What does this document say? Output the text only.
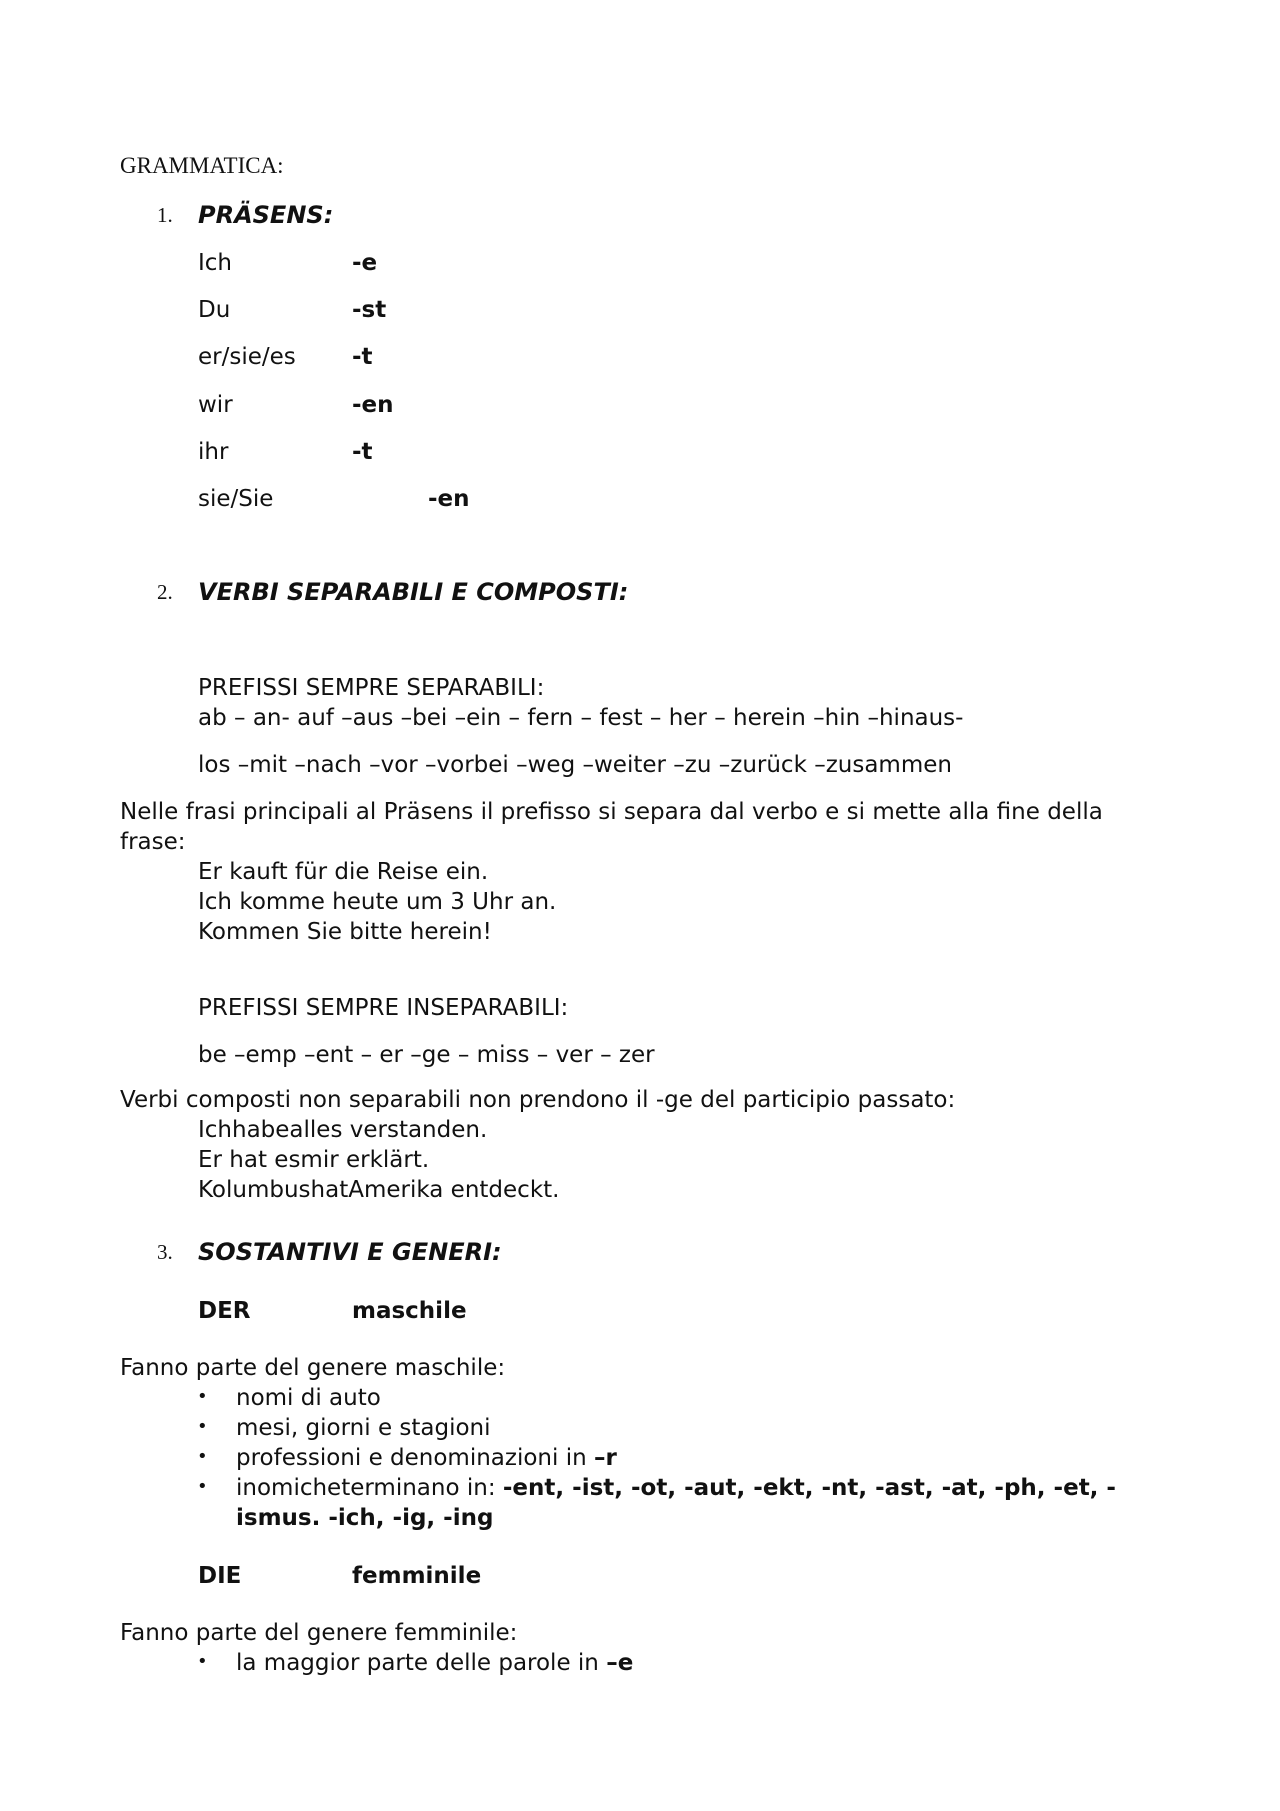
GRAMMATICA:
1. PRÄSENS:
Ich	-e
Du	-st
er/sie/es -t
wir	-en
ihr	-t
sie/Sie	-en
2. VERBI SEPARABILI E COMPOSTI:
PREFISSI SEMPRE SEPARABILI:
ab – an- auf –aus –bei –ein – fern – fest – her – herein –hin –hinaus-
los –mit –nach –vor –vorbei –weg –weiter –zu –zurück –zusammen
Nelle frasi principali al Präsens il prefisso si separa dal verbo e si mette alla fine della
frase:
Er kauft für die Reise ein.
Ich komme heute um 3 Uhr an.
Kommen Sie bitte herein!
PREFISSI SEMPRE INSEPARABILI:
be –emp –ent – er –ge – miss – ver – zer
Verbi composti non separabili non prendono il -ge del participio passato:
Ichhabealles verstanden.
Er hat esmir erklärt.
KolumbushatAmerika entdeckt.
3. SOSTANTIVI E GENERI:
DER	maschile
Fanno parte del genere maschile:
• nomi di auto
• mesi, giorni e stagioni
• professioni e denominazioni in –r
• inomicheterminano in: -ent, -ist, -ot, -aut, -ekt, -nt, -ast, -at, -ph, -et, -
ismus. -ich, -ig, -ing
DIE	femminile
Fanno parte del genere femminile:
• la maggior parte delle parole in –e
